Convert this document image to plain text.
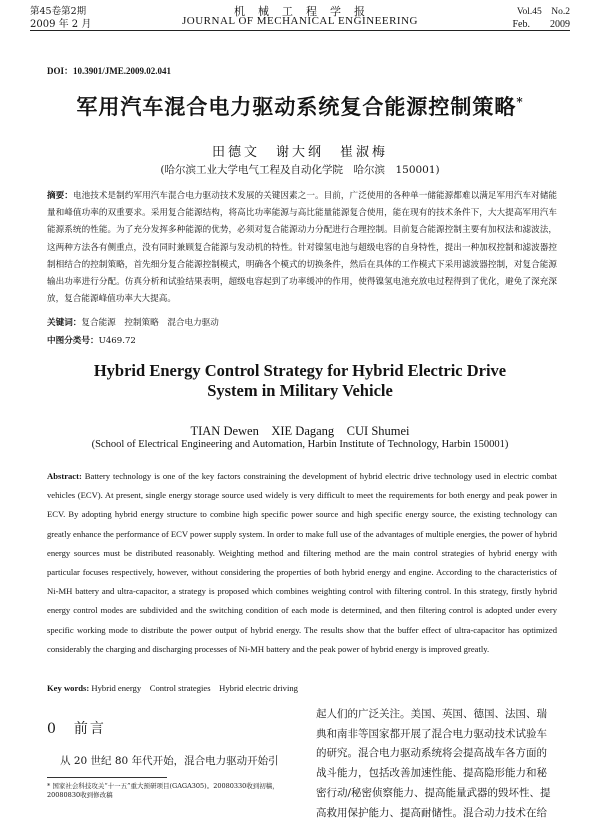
第45卷第2期	机　械　工　程　学　报	Vol.45　No.2
2009 年 2 月	JOURNAL OF MECHANICAL ENGINEERING	Feb.　　2009
DOI：10.3901/JME.2009.02.041
军用汽车混合电力驱动系统复合能源控制策略*
田德文　谢大纲　崔淑梅
(哈尔滨工业大学电气工程及自动化学院　哈尔滨　150001)
摘要：电池技术是制约军用汽车混合电力驱动技术发展的关键因素之一。目前，广泛使用的各种单一储能源都难以满足军用汽车对储能量和峰值功率的双重要求。采用复合能源结构，将高比功率能源与高比能量能源复合使用，能在现有的技术条件下，大大提高军用汽车能源系统的性能。为了充分发挥多种能源的优势，必须对复合能源动力分配进行合理控制。目前复合能源控制主要有加权法和滤波法，这两种方法各有侧重点，没有同时兼顾复合能源与发动机的特性。针对镍氢电池与超级电容的自身特性，提出一种加权控制和滤波器控制相结合的控制策略，首先细分复合能源控制模式，明确各个模式的切换条件，然后在具体的工作模式下采用滤波器控制，对复合能源输出功率进行分配。仿真分析和试验结果表明，超级电容起到了功率缓冲的作用，使得镍氢电池充放电过程得到了优化，避免了深充深放，复合能源峰值功率大大提高。
关键词：复合能源　控制策略　混合电力驱动
中图分类号：U469.72
Hybrid Energy Control Strategy for Hybrid Electric Drive
System in Military Vehicle
TIAN Dewen　XIE Dagang　CUI Shumei
(School of Electrical Engineering and Automation, Harbin Institute of Technology, Harbin 150001)
Abstract: Battery technology is one of the key factors constraining the development of hybrid electric drive technology used in electric combat vehicles (ECV). At present, single energy storage source used widely is very difficult to meet the requirements for both energy and peak power in ECV. By adopting hybrid energy structure to combine high specific power source and high specific energy source, the existing technology can greatly enhance the performance of ECV power supply system. In order to make full use of the advantages of multiple energies, the power of hybrid energy sources must be distributed reasonably. Weighting method and filtering method are the main control strategies of hybrid energy with particular focuses respectively, however, without considering the properties of both hybrid energy and engine. According to the characteristics of Ni-MH battery and ultra-capacitor, a strategy is proposed which combines weighting control with filtering control. In this strategy, firstly hybrid energy control modes are subdivided and the switching condition of each mode is determined, and then filtering control is adopted under every specific working mode to distribute the power output of hybrid energy. The results show that the buffer effect of ultra-capacitor has optimized considerably the charging and discharging processes of Ni-MH battery and the peak power of hybrid energy is improved greatly.
Key words: Hybrid energy　Control strategies　Hybrid electric driving
0  前言
从 20 世纪 80 年代开始，混合电力驱动开始引
* 国家社会科技攻关“十一五”重大预研项目(GAGA305)。20080330收到初稿，20080830收到修改稿
起人们的广泛关注。美国、英国、德国、法国、瑞
典和南非等国家都开展了混合电力驱动技术试验车
的研究。混合电力驱动系统将会提高战车各方面的
战斗能力，包括改善加速性能、提高隐形能力和秘
密行动/秘密侦察能力、提高能量武器的毁坏性、提
高救用保护能力、提高耐储性。混合动力技术在给
